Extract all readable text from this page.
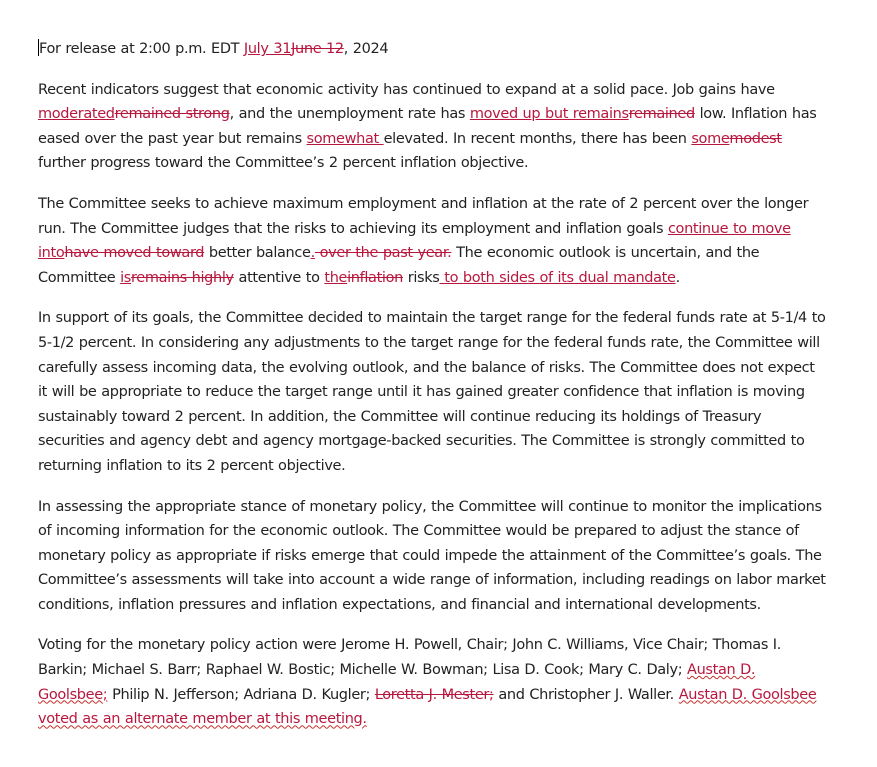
For release at 2:00 p.m. EDT July 31June 12, 2024

Recent indicators suggest that economic activity has continued to expand at a solid pace. Job gains have moderatedremained strong, and the unemployment rate has moved up but remainsremained low. Inflation has eased over the past year but remains somewhat elevated. In recent months, there has been somemodest further progress toward the Committee’s 2 percent inflation objective.

The Committee seeks to achieve maximum employment and inflation at the rate of 2 percent over the longer run. The Committee judges that the risks to achieving its employment and inflation goals continue to move intohave moved toward better balance. over the past year. The economic outlook is uncertain, and the Committee isremains highly attentive to theinflation risks to both sides of its dual mandate.

In support of its goals, the Committee decided to maintain the target range for the federal funds rate at 5-1/4 to 5-1/2 percent. In considering any adjustments to the target range for the federal funds rate, the Committee will carefully assess incoming data, the evolving outlook, and the balance of risks. The Committee does not expect it will be appropriate to reduce the target range until it has gained greater confidence that inflation is moving sustainably toward 2 percent. In addition, the Committee will continue reducing its holdings of Treasury securities and agency debt and agency mortgage-backed securities. The Committee is strongly committed to returning inflation to its 2 percent objective.

In assessing the appropriate stance of monetary policy, the Committee will continue to monitor the implications of incoming information for the economic outlook. The Committee would be prepared to adjust the stance of monetary policy as appropriate if risks emerge that could impede the attainment of the Committee’s goals. The Committee’s assessments will take into account a wide range of information, including readings on labor market conditions, inflation pressures and inflation expectations, and financial and international developments.

Voting for the monetary policy action were Jerome H. Powell, Chair; John C. Williams, Vice Chair; Thomas I. Barkin; Michael S. Barr; Raphael W. Bostic; Michelle W. Bowman; Lisa D. Cook; Mary C. Daly; Austan D. Goolsbee; Philip N. Jefferson; Adriana D. Kugler; Loretta J. Mester; and Christopher J. Waller. Austan D. Goolsbee voted as an alternate member at this meeting.
